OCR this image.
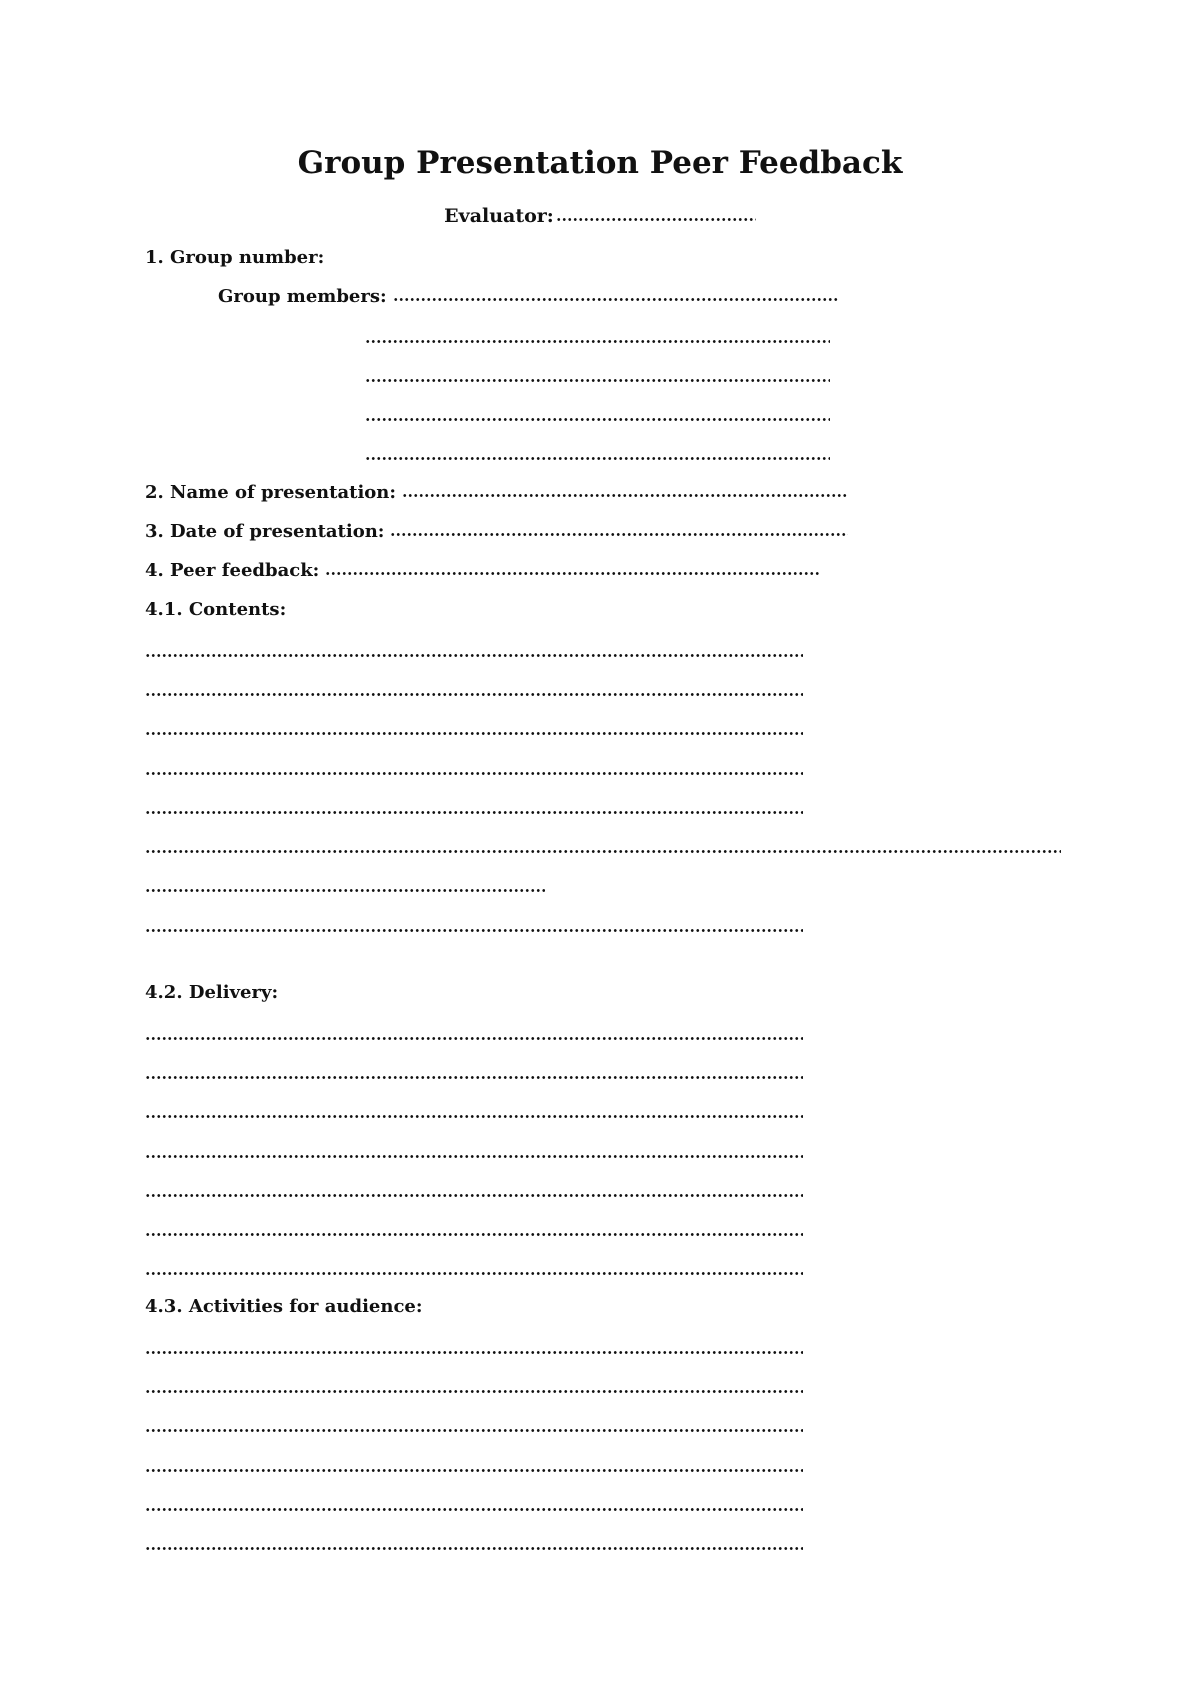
Group Presentation Peer Feedback
Evaluator:
1. Group number:
Group members:
2. Name of presentation:
3. Date of presentation:
4. Peer feedback:
4.1. Contents:
4.2. Delivery:
4.3. Activities for audience:
